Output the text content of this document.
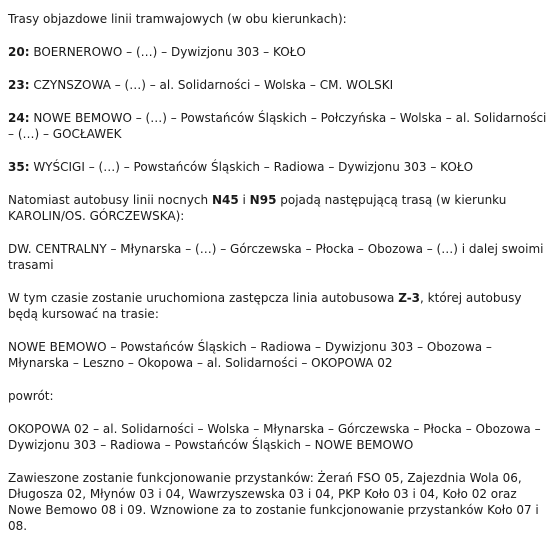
Trasy objazdowe linii tramwajowych (w obu kierunkach):

20: BOERNEROWO – (…) – Dywizjonu 303 – KOŁO

23: CZYNSZOWA – (…) – al. Solidarności – Wolska – CM. WOLSKI

24: NOWE BEMOWO – (…) – Powstańców Śląskich – Połczyńska – Wolska – al. Solidarności – (…) – GOCŁAWEK

35: WYŚCIGI – (…) – Powstańców Śląskich – Radiowa – Dywizjonu 303 – KOŁO

Natomiast autobusy linii nocnych N45 i N95 pojadą następującą trasą (w kierunku KAROLIN/OS. GÓRCZEWSKA):

DW. CENTRALNY – Młynarska – (…) – Górczewska – Płocka – Obozowa – (…) i dalej swoimi trasami

W tym czasie zostanie uruchomiona zastępcza linia autobusowa Z-3, której autobusy będą kursować na trasie:

NOWE BEMOWO – Powstańców Śląskich – Radiowa – Dywizjonu 303 – Obozowa – Młynarska – Leszno – Okopowa – al. Solidarności – OKOPOWA 02

powrót:

OKOPOWA 02 – al. Solidarności – Wolska – Młynarska – Górczewska – Płocka – Obozowa – Dywizjonu 303 – Radiowa – Powstańców Śląskich – NOWE BEMOWO

Zawieszone zostanie funkcjonowanie przystanków: Żerań FSO 05, Zajezdnia Wola 06, Długosza 02, Młynów 03 i 04, Wawrzyszewska 03 i 04, PKP Koło 03 i 04, Koło 02 oraz Nowe Bemowo 08 i 09. Wznowione za to zostanie funkcjonowanie przystanków Koło 07 i 08.
